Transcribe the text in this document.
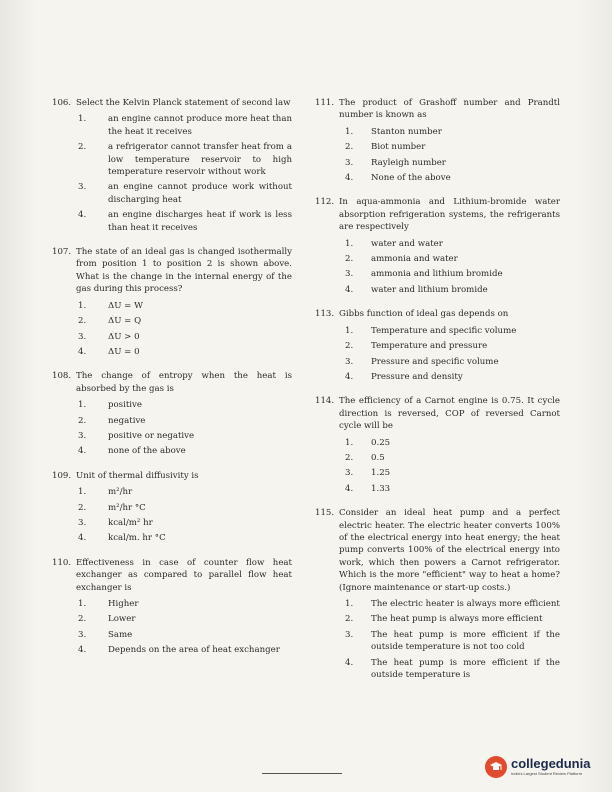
106. Select the Kelvin Planck statement of second law
1.	an engine cannot produce more heat than the heat it receives
2.	a refrigerator cannot transfer heat from a low temperature reservoir to high temperature reservoir without work
3.	an engine cannot produce work without discharging heat
4.	an engine discharges heat if work is less than heat it receives
107. The state of an ideal gas is changed isothermally from position 1 to position 2 is shown above. What is the change in the internal energy of the gas during this process?
1.	ΔU = W
2.	ΔU = Q
3.	ΔU > 0
4.	ΔU = 0
108. The change of entropy when the heat is absorbed by the gas is
1.	positive
2.	negative
3.	positive or negative
4.	none of the above
109. Unit of thermal diffusivity is
1.	m²/hr
2.	m²/hr °C
3.	kcal/m² hr
4.	kcal/m. hr °C
110. Effectiveness in case of counter flow heat exchanger as compared to parallel flow heat exchanger is
1.	Higher
2.	Lower
3.	Same
4.	Depends on the area of heat exchanger
111. The product of Grashoff number and Prandtl number is known as
1.	Stanton number
2.	Biot number
3.	Rayleigh number
4.	None of the above
112. In aqua-ammonia and Lithium-bromide water absorption refrigeration systems, the refrigerants are respectively
1.	water and water
2.	ammonia and water
3.	ammonia and lithium bromide
4.	water and lithium bromide
113. Gibbs function of ideal gas depends on
1.	Temperature and specific volume
2.	Temperature and pressure
3.	Pressure and specific volume
4.	Pressure and density
114. The efficiency of a Carnot engine is 0.75. It cycle direction is reversed, COP of reversed Carnot cycle will be
1.	0.25
2.	0.5
3.	1.25
4.	1.33
115. Consider an ideal heat pump and a perfect electric heater. The electric heater converts 100% of the electrical energy into heat energy; the heat pump converts 100% of the electrical energy into work, which then powers a Carnot refrigerator. Which is the more "efficient" way to heat a home? (Ignore maintenance or start-up costs.)
1.	The electric heater is always more efficient
2.	The heat pump is always more efficient
3.	The heat pump is more efficient if the outside temperature is not too cold
4.	The heat pump is more efficient if the outside temperature is
collegedunia
India's Largest Student Review Platform
